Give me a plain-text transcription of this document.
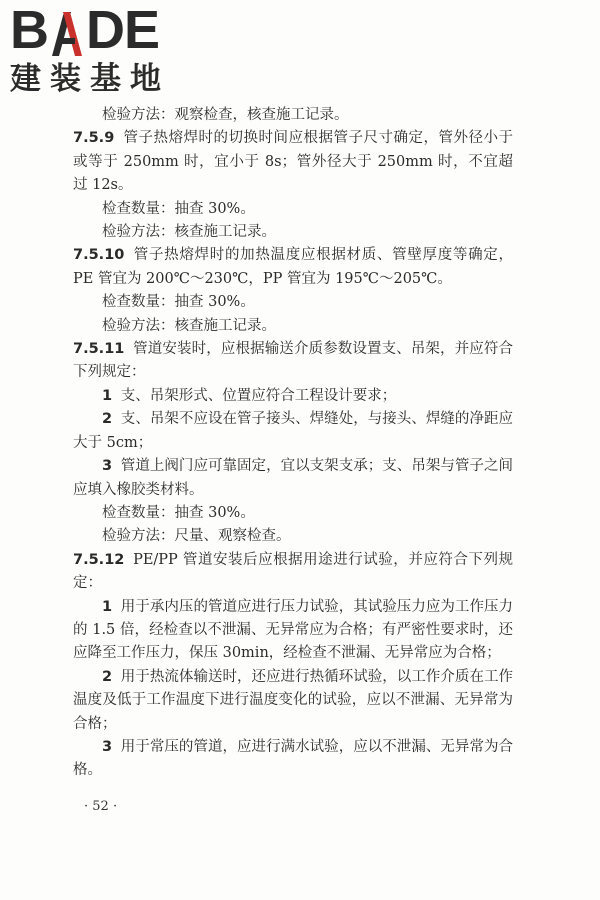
B DE
建装基地

检验方法：观察检查，核查施工记录。

7.5.9 管子热熔焊时的切换时间应根据管子尺寸确定，管外径小于或等于 250mm 时，宜小于 8s；管外径大于 250mm 时，不宜超过 12s。

检查数量：抽查 30%。

检验方法：核查施工记录。

7.5.10 管子热熔焊时的加热温度应根据材质、管壁厚度等确定，PE 管宜为 200℃～230℃，PP 管宜为 195℃～205℃。

检查数量：抽查 30%。

检验方法：核查施工记录。

7.5.11 管道安装时，应根据输送介质参数设置支、吊架，并应符合下列规定：

1 支、吊架形式、位置应符合工程设计要求；

2 支、吊架不应设在管子接头、焊缝处，与接头、焊缝的净距应大于 5cm；

3 管道上阀门应可靠固定，宜以支架支承；支、吊架与管子之间应填入橡胶类材料。

检查数量：抽查 30%。

检验方法：尺量、观察检查。

7.5.12 PE/PP 管道安装后应根据用途进行试验，并应符合下列规定：

1 用于承内压的管道应进行压力试验，其试验压力应为工作压力的 1.5 倍，经检查以不泄漏、无异常应为合格；有严密性要求时，还应降至工作压力，保压 30min，经检查不泄漏、无异常应为合格；

2 用于热流体输送时，还应进行热循环试验，以工作介质在工作温度及低于工作温度下进行温度变化的试验，应以不泄漏、无异常为合格；

3 用于常压的管道，应进行满水试验，应以不泄漏、无异常为合格。

· 52 ·
